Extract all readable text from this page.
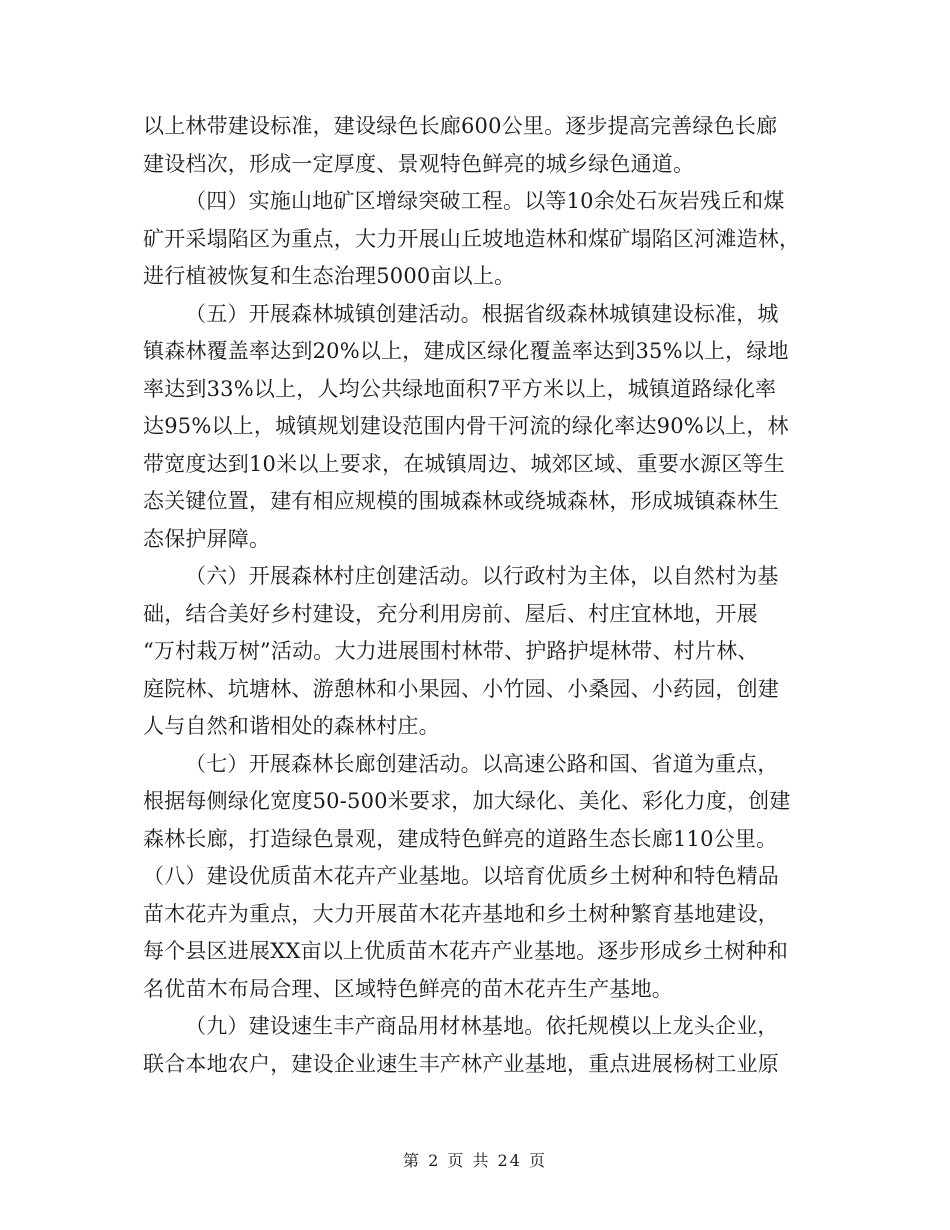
以上林带建设标准，建设绿色长廊600公里。逐步提高完善绿色长廊
建设档次，形成一定厚度、景观特色鲜亮的城乡绿色通道。
（四）实施山地矿区增绿突破工程。以等10余处石灰岩残丘和煤
矿开采塌陷区为重点，大力开展山丘坡地造林和煤矿塌陷区河滩造林，
进行植被恢复和生态治理5000亩以上。
（五）开展森林城镇创建活动。根据省级森林城镇建设标准，城
镇森林覆盖率达到20%以上，建成区绿化覆盖率达到35%以上，绿地
率达到33%以上，人均公共绿地面积7平方米以上，城镇道路绿化率
达95%以上，城镇规划建设范围内骨干河流的绿化率达90%以上，林
带宽度达到10米以上要求，在城镇周边、城郊区域、重要水源区等生
态关键位置，建有相应规模的围城森林或绕城森林，形成城镇森林生
态保护屏障。
（六）开展森林村庄创建活动。以行政村为主体，以自然村为基
础，结合美好乡村建设，充分利用房前、屋后、村庄宜林地，开展
“万村栽万树”活动。大力进展围村林带、护路护堤林带、村片林、
庭院林、坑塘林、游憩林和小果园、小竹园、小桑园、小药园，创建
人与自然和谐相处的森林村庄。
（七）开展森林长廊创建活动。以高速公路和国、省道为重点，
根据每侧绿化宽度50-500米要求，加大绿化、美化、彩化力度，创建
森林长廊，打造绿色景观，建成特色鲜亮的道路生态长廊110公里。
（八）建设优质苗木花卉产业基地。以培育优质乡土树种和特色精品
苗木花卉为重点，大力开展苗木花卉基地和乡土树种繁育基地建设，
每个县区进展XX亩以上优质苗木花卉产业基地。逐步形成乡土树种和
名优苗木布局合理、区域特色鲜亮的苗木花卉生产基地。
（九）建设速生丰产商品用材林基地。依托规模以上龙头企业，
联合本地农户，建设企业速生丰产林产业基地，重点进展杨树工业原
第 2 页 共 24 页
